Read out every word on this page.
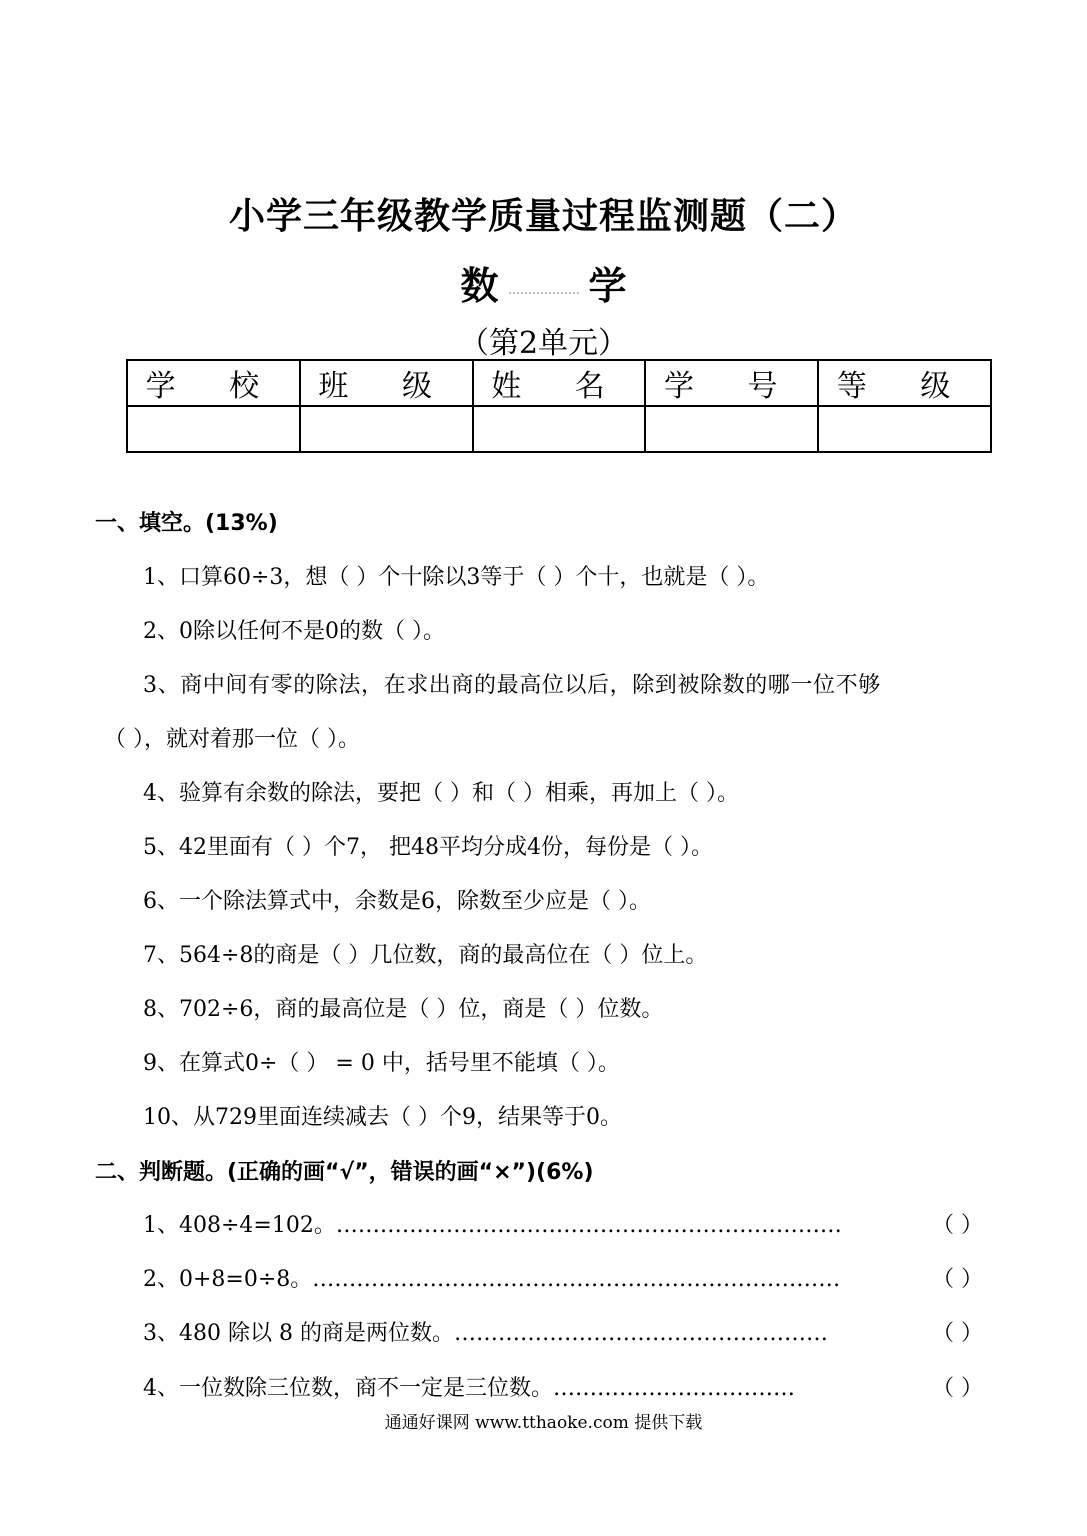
小学三年级教学质量过程监测题（二）
数 学
（第2单元）
学 校	班 级	姓 名	学 号	等 级

一、填空。(13%)
1、口算60÷3，想（ ）个十除以3等于（ ）个十，也就是（ ）。
2、0除以任何不是0的数（ ）。
3、商中间有零的除法，在求出商的最高位以后，除到被除数的哪一位不够
（ ），就对着那一位（ ）。
4、验算有余数的除法，要把（ ）和（ ）相乘，再加上（ ）。
5、42里面有（ ）个7， 把48平均分成4份，每份是（ ）。
6、一个除法算式中，余数是6，除数至少应是（ ）。
7、564÷8的商是（ ）几位数，商的最高位在（ ）位上。
8、702÷6，商的最高位是（ ）位，商是（ ）位数。
9、在算式0÷（ ） = 0 中，括号里不能填（ ）。
10、从729里面连续减去（ ）个9，结果等于0。
二、判断题。(正确的画“√”，错误的画“×”)(6%)
1、408÷4=102。……………………………………………………………	（ ）
2、0+8=0÷8。………………………………………………………………	（ ）
3、480 除以 8 的商是两位数。……………………………………………	（ ）
4、一位数除三位数，商不一定是三位数。……………………………	（ ）
通通好课网 www.tthaoke.com 提供下载
